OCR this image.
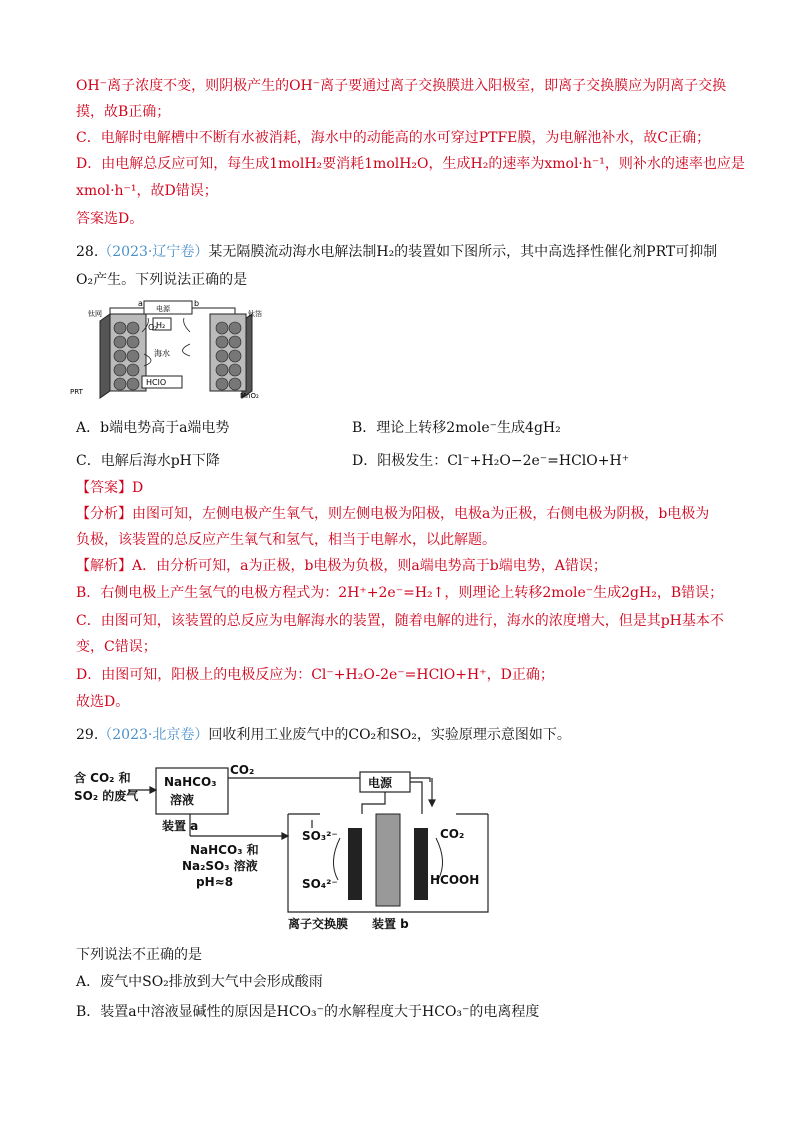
OH⁻离子浓度不变，则阴极产生的OH⁻离子要通过离子交换膜进入阳极室，即离子交换膜应为阴离子交换
摸，故B正确；
C．电解时电解槽中不断有水被消耗，海水中的动能高的水可穿过PTFE膜，为电解池补水，故C正确；
D．由电解总反应可知，每生成1molH₂要消耗1molH₂O，生成H₂的速率为xmol·h⁻¹，则补水的速率也应是
xmol·h⁻¹，故D错误；
答案选D。
28.（2023·辽宁卷）某无隔膜流动海水电解法制H₂的装置如下图所示，其中高选择性催化剂PRT可抑制
O₂产生。下列说法正确的是
a	b
电源
钛网	钛箔
O₂
H₂
海水
HClO
PRT	MnO₂
A．b端电势高于a端电势	B．理论上转移2mole⁻生成4gH₂
C．电解后海水pH下降	D．阳极发生：Cl⁻+H₂O−2e⁻=HClO+H⁺
【答案】D
【分析】由图可知，左侧电极产生氧气，则左侧电极为阳极，电极a为正极，右侧电极为阴极，b电极为
负极，该装置的总反应产生氧气和氢气，相当于电解水，以此解题。
【解析】A．由分析可知，a为正极，b电极为负极，则a端电势高于b端电势，A错误；
B．右侧电极上产生氢气的电极方程式为：2H⁺+2e⁻=H₂↑，则理论上转移2mole⁻生成2gH₂，B错误；
C．由图可知，该装置的总反应为电解海水的装置，随着电解的进行，海水的浓度增大，但是其pH基本不
变，C错误；
D．由图可知，阳极上的电极反应为：Cl⁻+H₂O-2e⁻=HClO+H⁺，D正确；
故选D。
29.（2023·北京卷）回收利用工业废气中的CO₂和SO₂，实验原理示意图如下。
含 CO₂ 和
SO₂ 的废气
NaHCO₃
溶液
装置 a
CO₂
电源
NaHCO₃ 和
Na₂SO₃ 溶液
pH≈8
SO₃²⁻
SO₄²⁻
CO₂
HCOOH
离子交换膜 装置 b
下列说法不正确的是
A．废气中SO₂排放到大气中会形成酸雨
B．装置a中溶液显碱性的原因是HCO₃⁻的水解程度大于HCO₃⁻的电离程度
